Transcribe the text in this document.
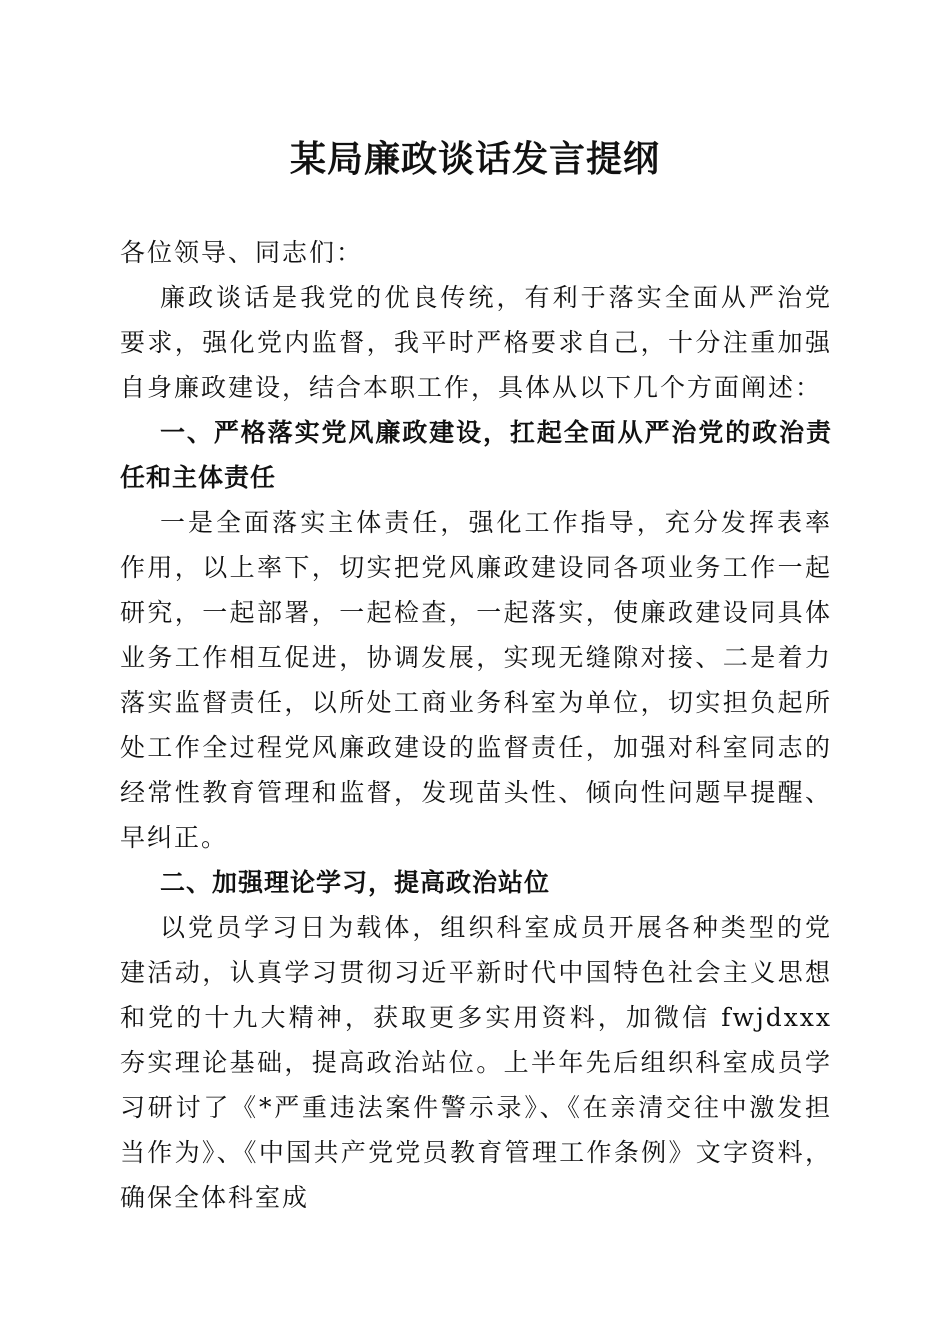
某局廉政谈话发言提纲

各位领导、同志们：

廉政谈话是我党的优良传统，有利于落实全面从严治党要求，强化党内监督，我平时严格要求自己，十分注重加强自身廉政建设，结合本职工作，具体从以下几个方面阐述：

一、严格落实党风廉政建设，扛起全面从严治党的政治责任和主体责任

一是全面落实主体责任，强化工作指导，充分发挥表率作用，以上率下，切实把党风廉政建设同各项业务工作一起研究，一起部署，一起检查，一起落实，使廉政建设同具体业务工作相互促进，协调发展，实现无缝隙对接、二是着力落实监督责任，以所处工商业务科室为单位，切实担负起所处工作全过程党风廉政建设的监督责任，加强对科室同志的经常性教育管理和监督，发现苗头性、倾向性问题早提醒、早纠正。

二、加强理论学习，提高政治站位

以党员学习日为载体，组织科室成员开展各种类型的党建活动，认真学习贯彻习近平新时代中国特色社会主义思想和党的十九大精神，获取更多实用资料，加微信 fwjdxxx 夯实理论基础，提高政治站位。上半年先后组织科室成员学习研讨了《*严重违法案件警示录》、《在亲清交往中激发担当作为》、《中国共产党党员教育管理工作条例》文字资料，确保全体科室成
